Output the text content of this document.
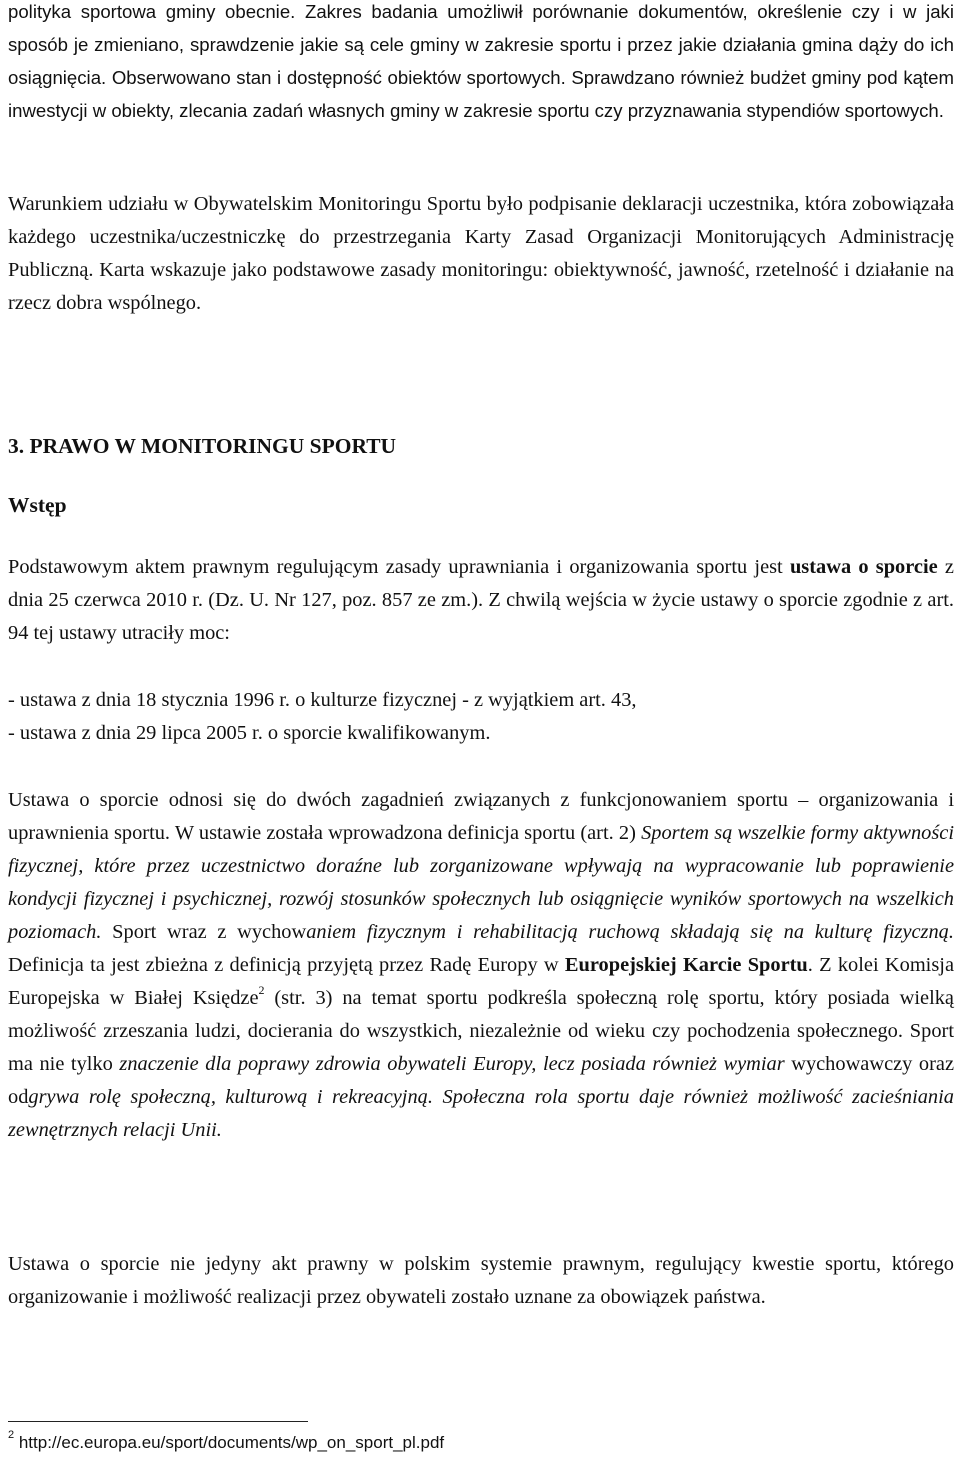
polityka sportowa gminy obecnie. Zakres badania umożliwił porównanie dokumentów, określenie czy i w jaki sposób je zmieniano, sprawdzenie jakie są cele gminy w zakresie sportu i przez jakie działania gmina dąży do ich osiągnięcia. Obserwowano stan i dostępność obiektów sportowych. Sprawdzano również budżet gminy pod kątem inwestycji w obiekty, zlecania zadań własnych gminy w zakresie sportu czy przyznawania stypendiów sportowych.

Warunkiem udziału w Obywatelskim Monitoringu Sportu było podpisanie deklaracji uczestnika, która zobowiązała każdego uczestnika/uczestniczkę do przestrzegania Karty Zasad Organizacji Monitorujących Administrację Publiczną. Karta wskazuje jako podstawowe zasady monitoringu: obiektywność, jawność, rzetelność i działanie na rzecz dobra wspólnego.

3. PRAWO W MONITORINGU SPORTU
Wstęp

Podstawowym aktem prawnym regulującym zasady uprawniania i organizowania sportu jest ustawa o sporcie z dnia 25 czerwca 2010 r. (Dz. U. Nr 127, poz. 857 ze zm.). Z chwilą wejścia w życie ustawy o sporcie zgodnie z art. 94 tej ustawy utraciły moc:

- ustawa z dnia 18 stycznia 1996 r. o kulturze fizycznej - z wyjątkiem art. 43,

- ustawa z dnia 29 lipca 2005 r. o sporcie kwalifikowanym.

Ustawa o sporcie odnosi się do dwóch zagadnień związanych z funkcjonowaniem sportu – organizowania i uprawnienia sportu. W ustawie została wprowadzona definicja sportu (art. 2) Sportem są wszelkie formy aktywności fizycznej, które przez uczestnictwo doraźne lub zorganizowane wpływają na wypracowanie lub poprawienie kondycji fizycznej i psychicznej, rozwój stosunków społecznych lub osiągnięcie wyników sportowych na wszelkich poziomach. Sport wraz z wychowaniem fizycznym i rehabilitacją ruchową składają się na kulturę fizyczną. Definicja ta jest zbieżna z definicją przyjętą przez Radę Europy w Europejskiej Karcie Sportu. Z kolei Komisja Europejska w Białej Księdze$^2$ (str. 3) na temat sportu podkreśla społeczną rolę sportu, który posiada wielką możliwość zrzeszania ludzi, docierania do wszystkich, niezależnie od wieku czy pochodzenia społecznego. Sport ma nie tylko znaczenie dla poprawy zdrowia obywateli Europy, lecz posiada również wymiar wychowawczy oraz odgrywa rolę społeczną, kulturową i rekreacyjną. Społeczna rola sportu daje również możliwość zacieśniania zewnętrznych relacji Unii.

Ustawa o sporcie nie jedyny akt prawny w polskim systemie prawnym, regulujący kwestie sportu, którego organizowanie i możliwość realizacji przez obywateli zostało uznane za obowiązek państwa.

$^2$ http://ec.europa.eu/sport/documents/wp_on_sport_pl.pdf
